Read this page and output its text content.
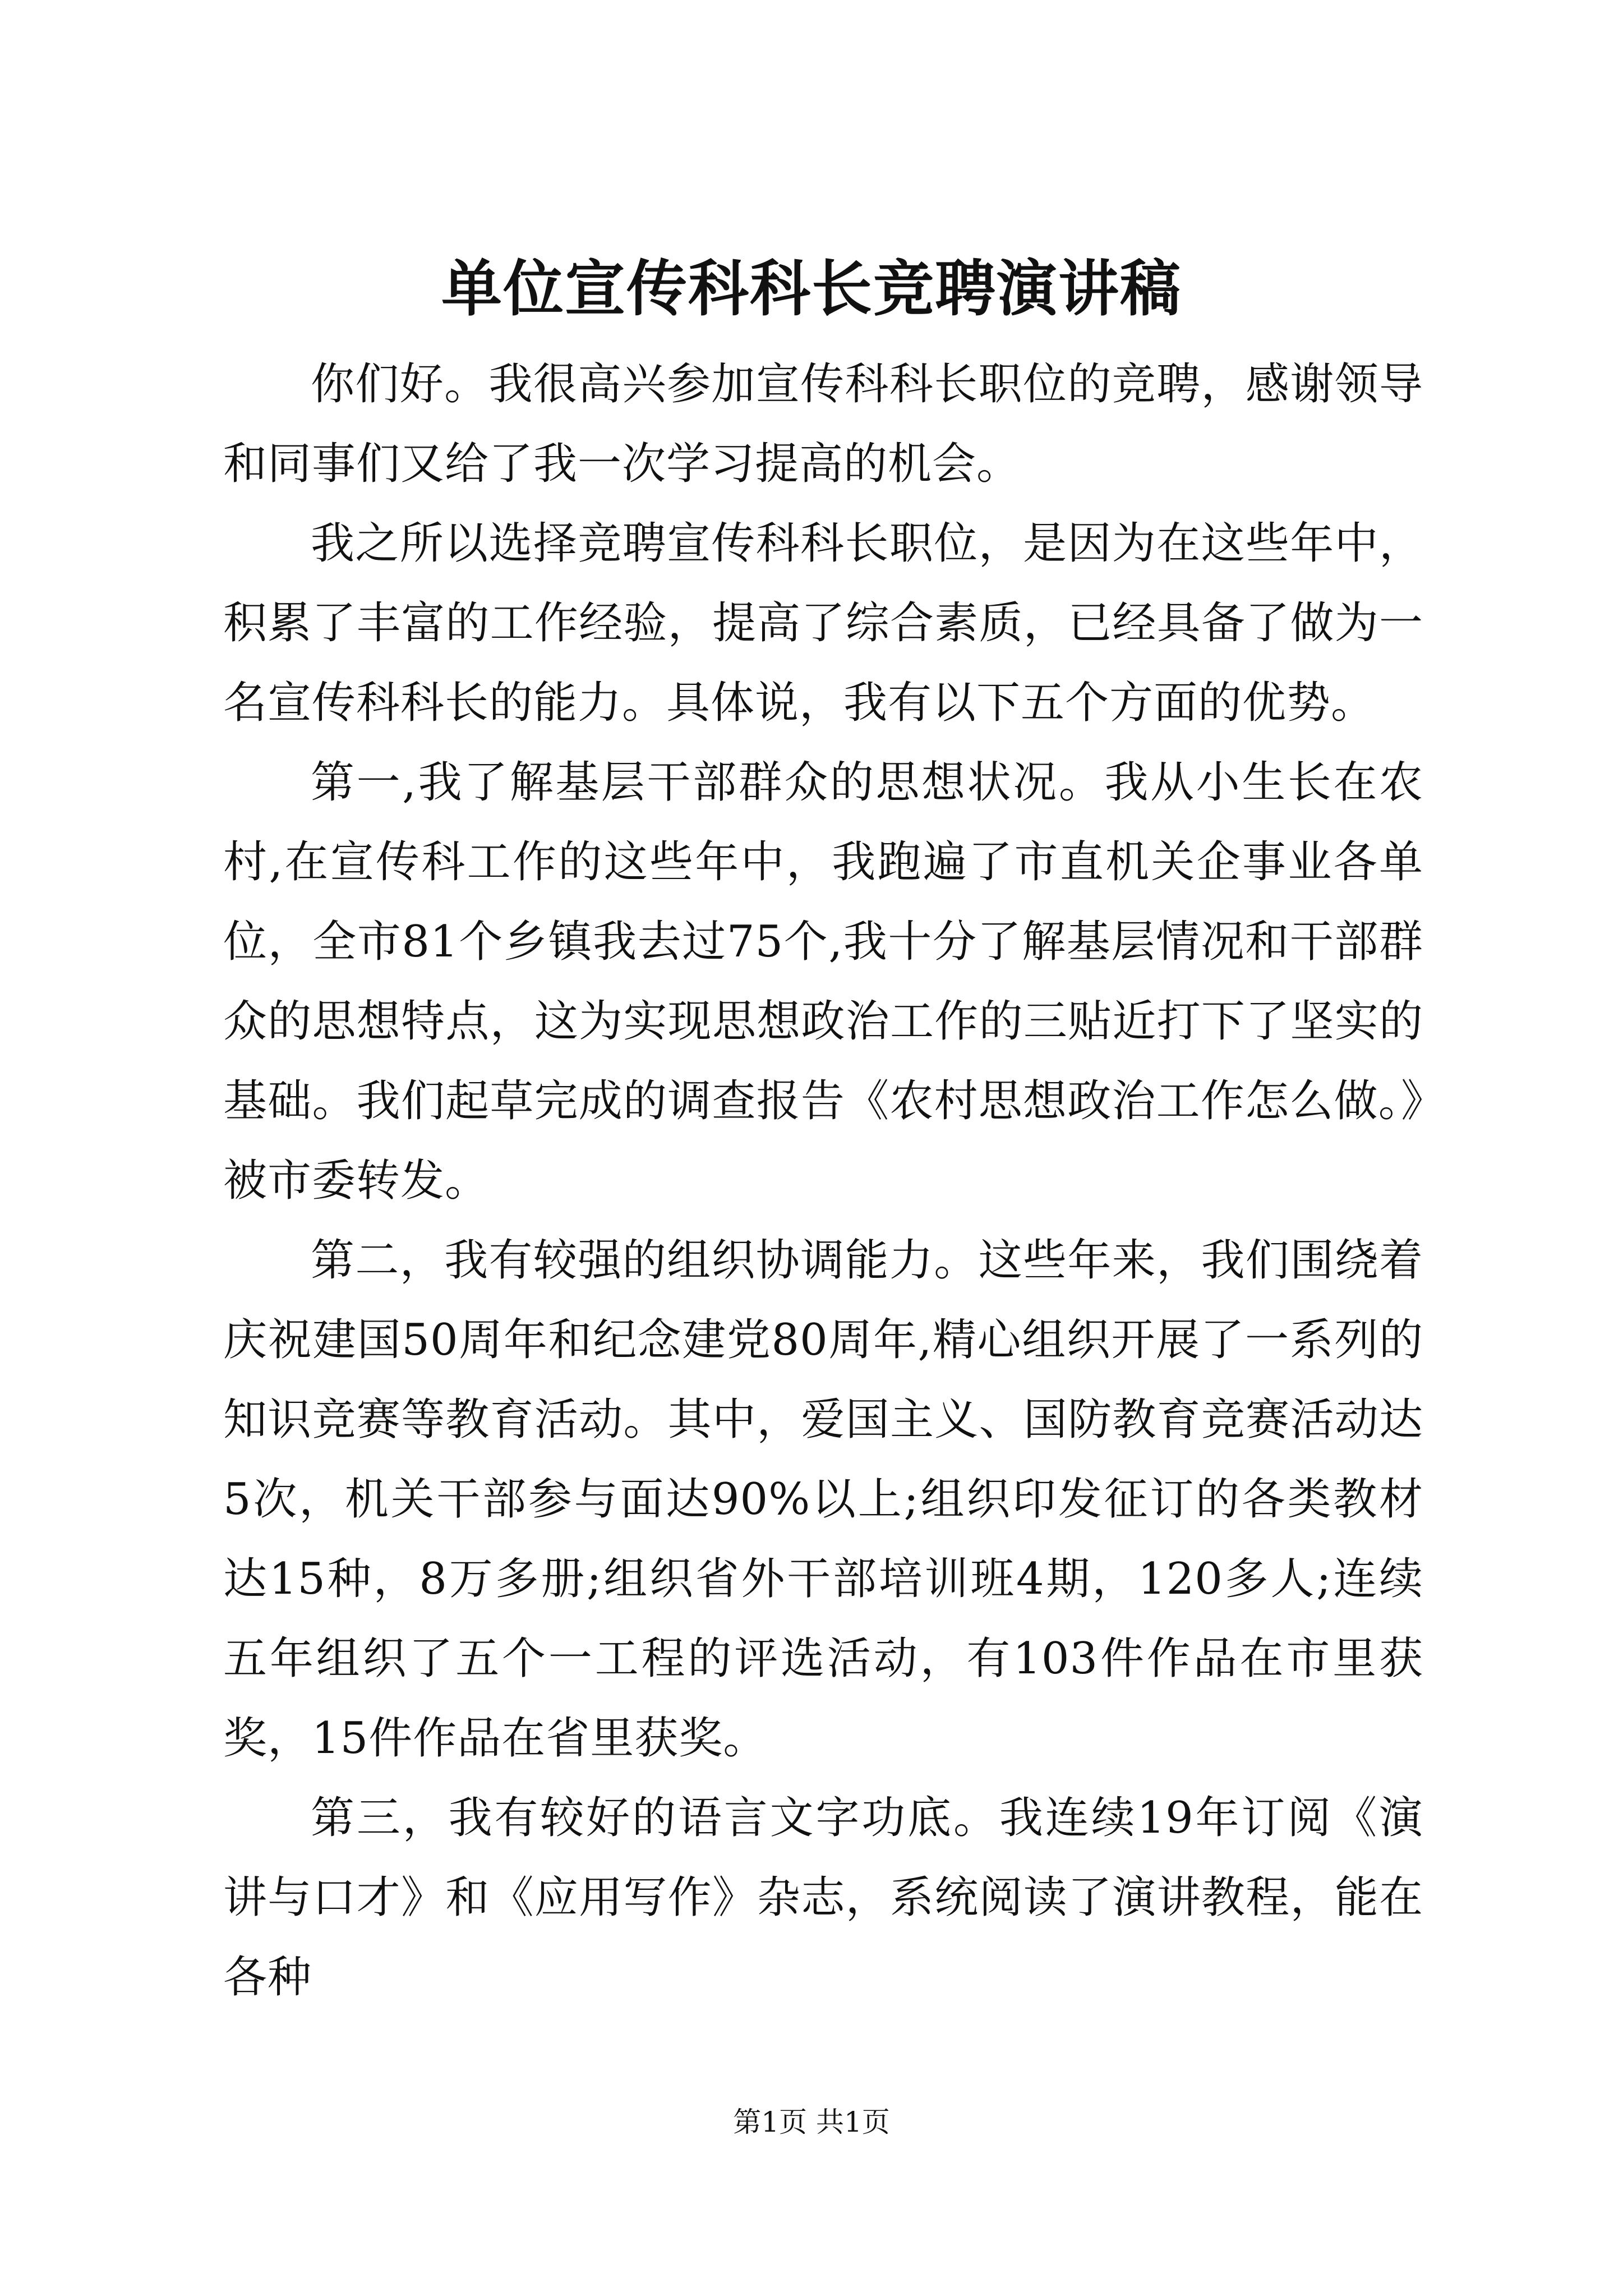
单位宣传科科长竞聘演讲稿

你们好。我很高兴参加宣传科科长职位的竞聘，感谢领导和同事们又给了我一次学习提高的机会。

我之所以选择竞聘宣传科科长职位，是因为在这些年中，积累了丰富的工作经验，提高了综合素质，已经具备了做为一名宣传科科长的能力。具体说，我有以下五个方面的优势。

第一,我了解基层干部群众的思想状况。我从小生长在农村,在宣传科工作的这些年中，我跑遍了市直机关企事业各单位，全市81个乡镇我去过75个,我十分了解基层情况和干部群众的思想特点，这为实现思想政治工作的三贴近打下了坚实的基础。我们起草完成的调查报告《农村思想政治工作怎么做。》被市委转发。

第二，我有较强的组织协调能力。这些年来，我们围绕着庆祝建国50周年和纪念建党80周年,精心组织开展了一系列的知识竞赛等教育活动。其中，爱国主义、国防教育竞赛活动达5次，机关干部参与面达90%以上;组织印发征订的各类教材达15种，8万多册;组织省外干部培训班4期，120多人;连续五年组织了五个一工程的评选活动，有103件作品在市里获奖，15件作品在省里获奖。

第三，我有较好的语言文字功底。我连续19年订阅《演讲与口才》和《应用写作》杂志，系统阅读了演讲教程，能在各种

第1页 共1页
